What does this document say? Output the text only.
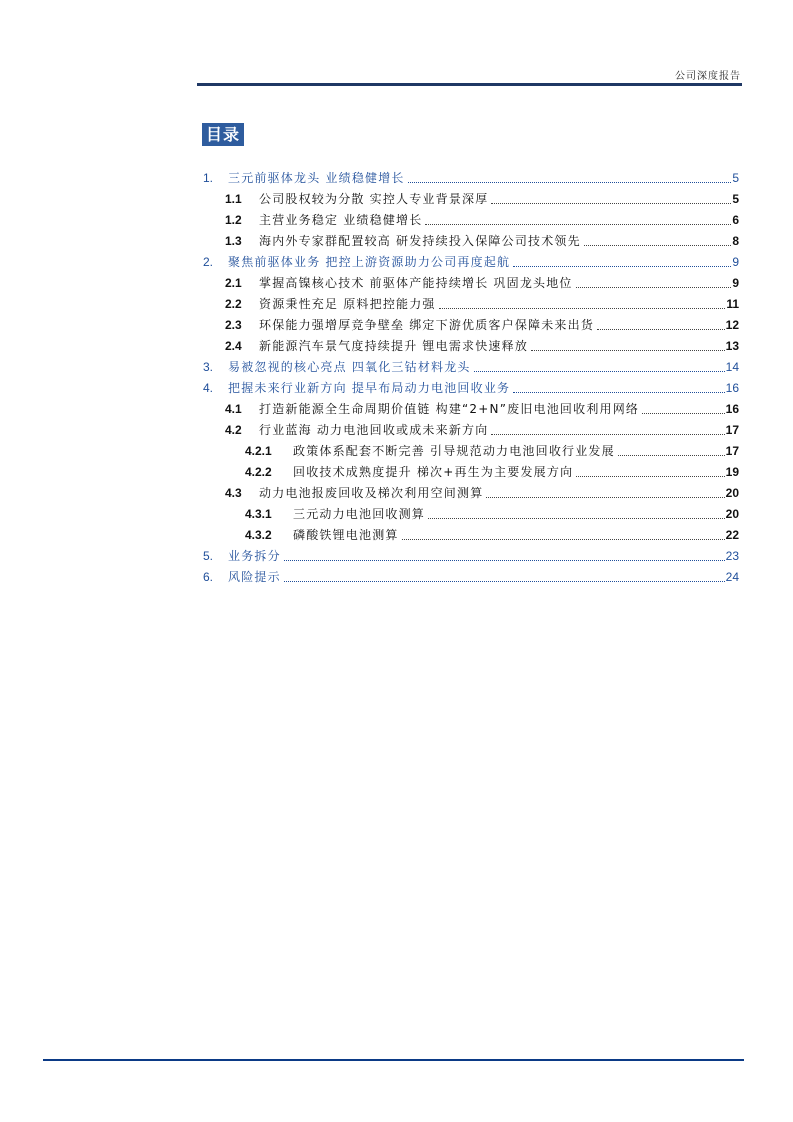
公司深度报告
目录
1.	三元前驱体龙头 业绩稳健增长	5
1.1	公司股权较为分散 实控人专业背景深厚	5
1.2	主营业务稳定 业绩稳健增长	6
1.3	海内外专家群配置较高 研发持续投入保障公司技术领先	8
2.	聚焦前驱体业务 把控上游资源助力公司再度起航	9
2.1	掌握高镍核心技术 前驱体产能持续增长 巩固龙头地位	9
2.2	资源秉性充足 原料把控能力强	11
2.3	环保能力强增厚竞争壁垒 绑定下游优质客户保障未来出货	12
2.4	新能源汽车景气度持续提升 锂电需求快速释放	13
3.	易被忽视的核心亮点 四氧化三钴材料龙头	14
4.	把握未来行业新方向 提早布局动力电池回收业务	16
4.1	打造新能源全生命周期价值链 构建“2+N”废旧电池回收利用网络	16
4.2	行业蓝海 动力电池回收或成未来新方向	17
4.2.1	政策体系配套不断完善 引导规范动力电池回收行业发展	17
4.2.2	回收技术成熟度提升 梯次+再生为主要发展方向	19
4.3	动力电池报废回收及梯次利用空间测算	20
4.3.1	三元动力电池回收测算	20
4.3.2	磷酸铁锂电池测算	22
5.	业务拆分	23
6.	风险提示	24
